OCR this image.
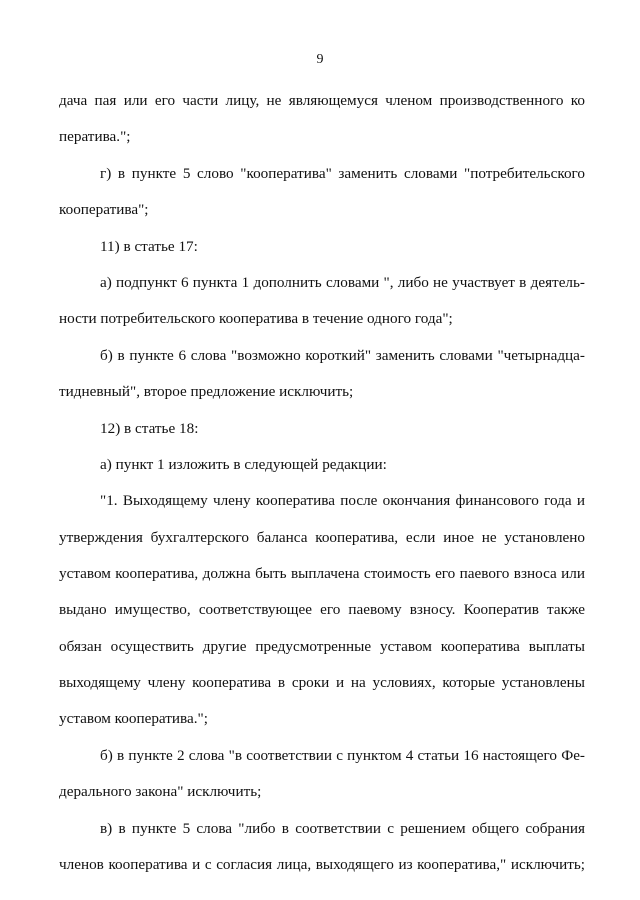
9
дача пая или его части лицу, не являющемуся членом производственного ко
ператива.";
г) в пункте 5 слово "кооператива" заменить словами "потребительского
кооператива";
11) в статье 17:
а) подпункт 6 пункта 1 дополнить словами ", либо не участвует в деятель-
ности потребительского кооператива в течение одного года";
б) в пункте 6 слова "возможно короткий" заменить словами "четырнадца-
тидневный", второе предложение исключить;
12) в статье 18:
а) пункт 1 изложить в следующей редакции:
"1. Выходящему члену кооператива после окончания финансового года и
утверждения бухгалтерского баланса кооператива, если иное не установлено
уставом кооператива, должна быть выплачена стоимость его паевого взноса или
выдано имущество, соответствующее его паевому взносу. Кооператив также
обязан осуществить другие предусмотренные уставом кооператива выплаты
выходящему члену кооператива в сроки и на условиях, которые установлены
уставом кооператива.";
б) в пункте 2 слова "в соответствии с пунктом 4 статьи 16 настоящего Фе-
дерального закона" исключить;
в) в пункте 5 слова "либо в соответствии с решением общего собрания
членов кооператива и с согласия лица, выходящего из кооператива," исключить;
